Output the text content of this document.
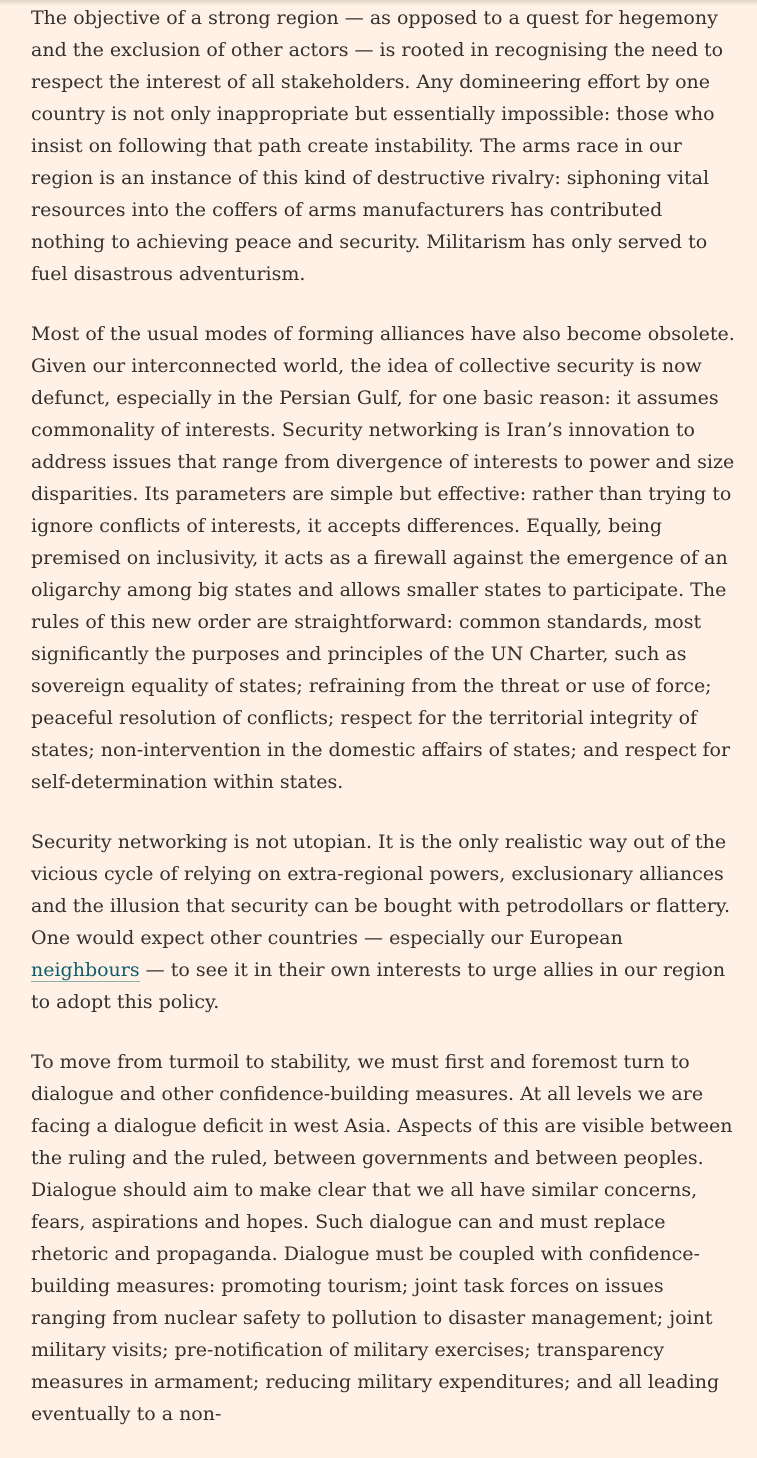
The objective of a strong region — as opposed to a quest for hegemony and the exclusion of other actors — is rooted in recognising the need to respect the interest of all stakeholders. Any domineering effort by one country is not only inappropriate but essentially impossible: those who insist on following that path create instability. The arms race in our region is an instance of this kind of destructive rivalry: siphoning vital resources into the coffers of arms manufacturers has contributed nothing to achieving peace and security. Militarism has only served to fuel disastrous adventurism.

Most of the usual modes of forming alliances have also become obsolete. Given our interconnected world, the idea of collective security is now defunct, especially in the Persian Gulf, for one basic reason: it assumes commonality of interests. Security networking is Iran’s innovation to address issues that range from divergence of interests to power and size disparities. Its parameters are simple but effective: rather than trying to ignore conflicts of interests, it accepts differences. Equally, being premised on inclusivity, it acts as a firewall against the emergence of an oligarchy among big states and allows smaller states to participate. The rules of this new order are straightforward: common standards, most significantly the purposes and principles of the UN Charter, such as sovereign equality of states; refraining from the threat or use of force; peaceful resolution of conflicts; respect for the territorial integrity of states; non-intervention in the domestic affairs of states; and respect for self-determination within states.

Security networking is not utopian. It is the only realistic way out of the vicious cycle of relying on extra-regional powers, exclusionary alliances and the illusion that security can be bought with petrodollars or flattery. One would expect other countries — especially our European neighbours — to see it in their own interests to urge allies in our region to adopt this policy.

To move from turmoil to stability, we must first and foremost turn to dialogue and other confidence-building measures. At all levels we are facing a dialogue deficit in west Asia. Aspects of this are visible between the ruling and the ruled, between governments and between peoples. Dialogue should aim to make clear that we all have similar concerns, fears, aspirations and hopes. Such dialogue can and must replace rhetoric and propaganda. Dialogue must be coupled with confidence-building measures: promoting tourism; joint task forces on issues ranging from nuclear safety to pollution to disaster management; joint military visits; pre-notification of military exercises; transparency measures in armament; reducing military expenditures; and all leading eventually to a non-
